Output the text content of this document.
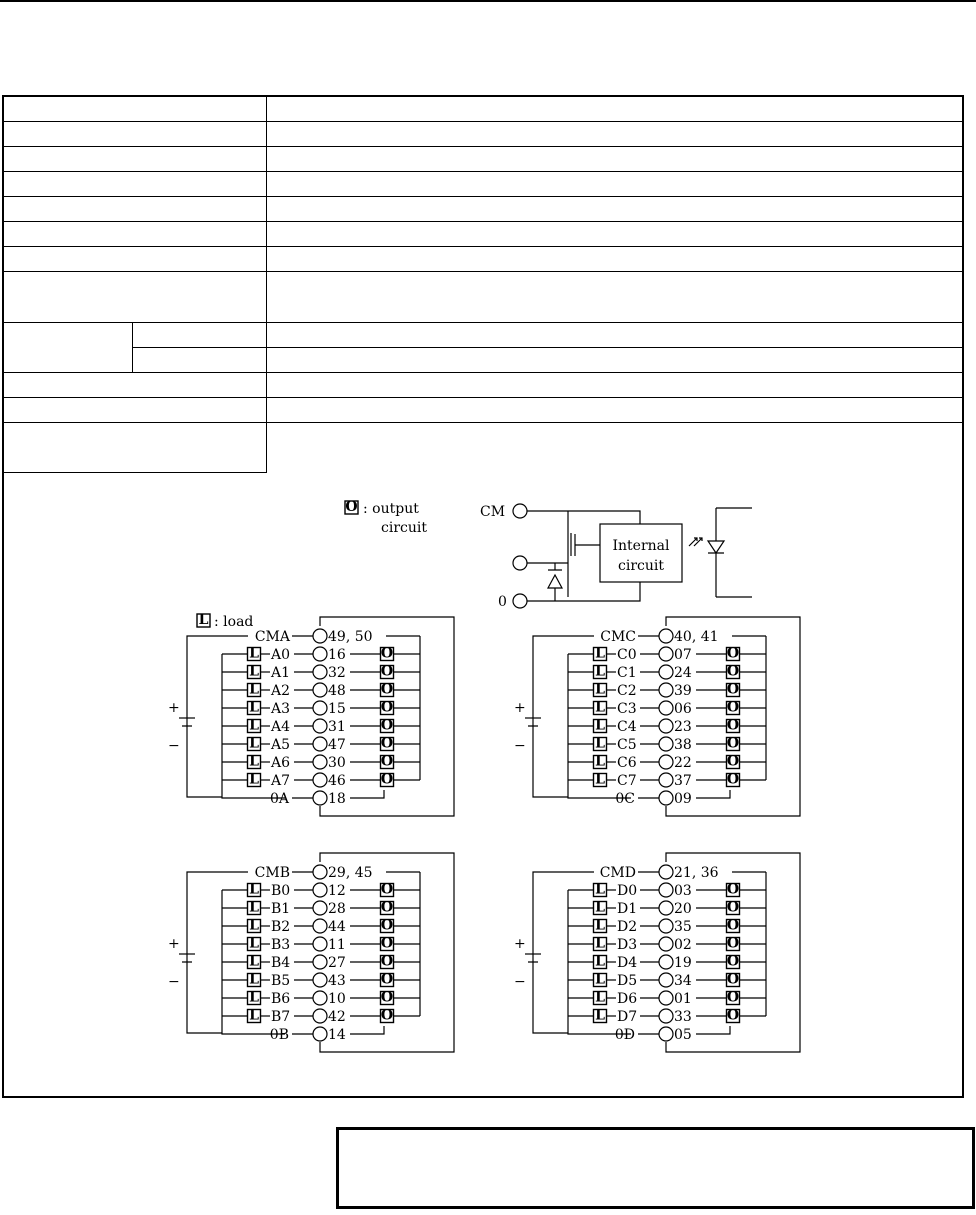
O : output
circuit
L : load
CM
0
Internal
circuit
+
−
CMA	49, 50
L A0	16	O
L A1	32	O
L A2	48	O
L A3	15	O
L A4	31	O
L A5	47	O
L A6	30	O
L A7	46	O
0A	18
+
−
CMC	40, 41
L C0	07	O
L C1	24	O
L C2	39	O
L C3	06	O
L C4	23	O
L C5	38	O
L C6	22	O
L C7	37	O
0C	09
+
−
CMB	29, 45
L B0	12	O
L B1	28	O
L B2	44	O
L B3	11	O
L B4	27	O
L B5	43	O
L B6	10	O
L B7	42	O
0B	14
+
−
CMD	21, 36
L D0	03	O
L D1	20	O
L D2	35	O
L D3	02	O
L D4	19	O
L D5	34	O
L D6	01	O
L D7	33	O
0D	05
